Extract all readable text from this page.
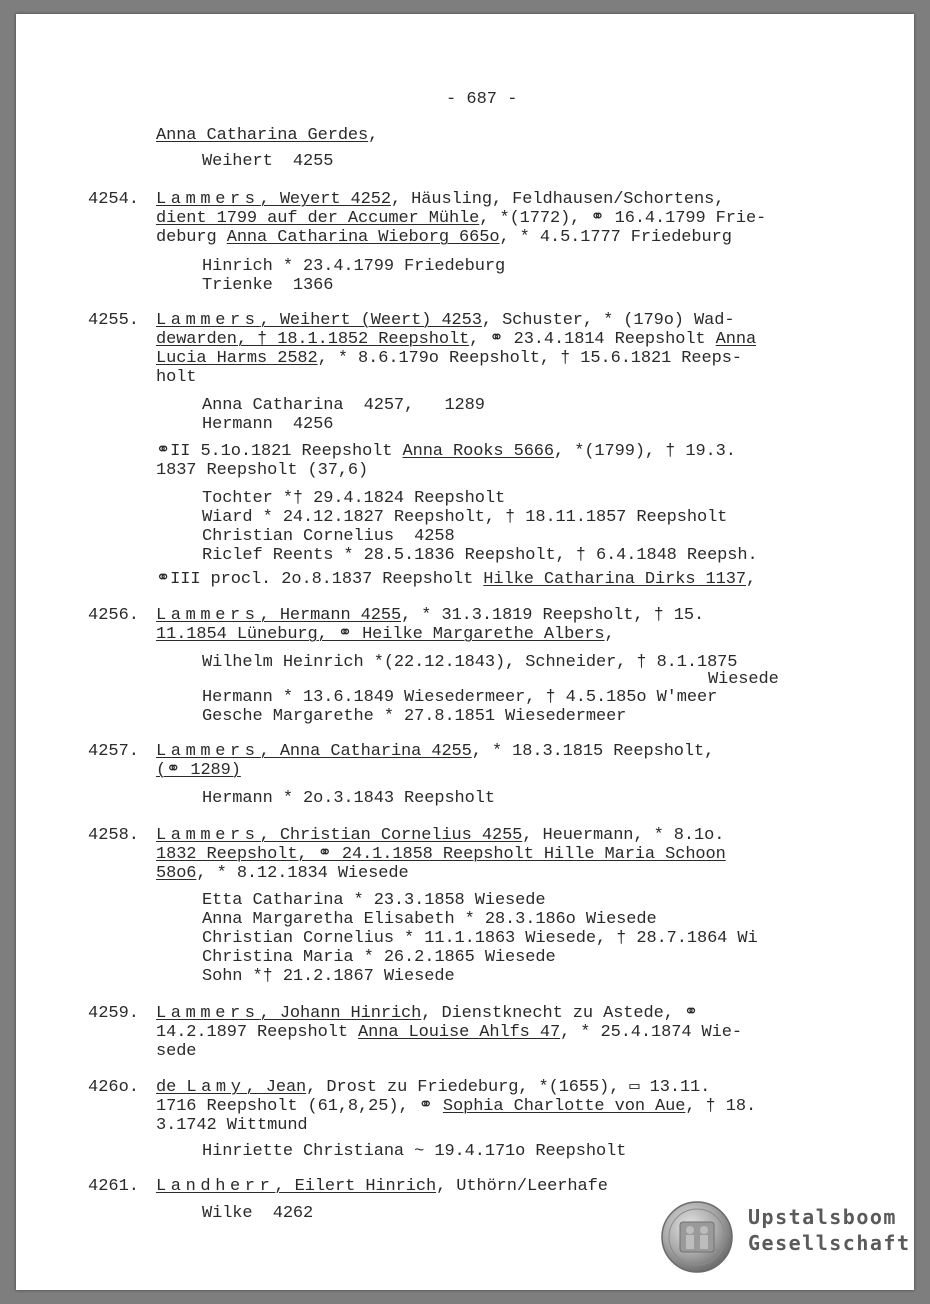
- 687 -
Anna Catharina Gerdes,
Weihert  4255
4254. Lammers, Weyert 4252, Häusling, Feldhausen/Schortens,
dient 1799 auf der Accumer Mühle, *(1772), ⚭ 16.4.1799 Frie-
deburg Anna Catharina Wieborg 665o, * 4.5.1777 Friedeburg
Hinrich * 23.4.1799 Friedeburg
Trienke  1366
4255. Lammers, Weihert (Weert) 4253, Schuster, * (179o) Wad-
dewarden, † 18.1.1852 Reepsholt, ⚭ 23.4.1814 Reepsholt Anna
Lucia Harms 2582, * 8.6.179o Reepsholt, † 15.6.1821 Reeps-
holt
Anna Catharina  4257,   1289
Hermann  4256
⚭II 5.1o.1821 Reepsholt Anna Rooks 5666, *(1799), † 19.3.
1837 Reepsholt (37,6)
Tochter *† 29.4.1824 Reepsholt
Wiard * 24.12.1827 Reepsholt, † 18.11.1857 Reepsholt
Christian Cornelius  4258
Riclef Reents * 28.5.1836 Reepsholt, † 6.4.1848 Reepsh.
⚭III procl. 2o.8.1837 Reepsholt Hilke Catharina Dirks 1137,
4256. Lammers, Hermann 4255, * 31.3.1819 Reepsholt, † 15.
11.1854 Lüneburg, ⚭ Heilke Margarethe Albers,
Wilhelm Heinrich *(22.12.1843), Schneider, † 8.1.1875
Wiesede
Hermann * 13.6.1849 Wiesedermeer, † 4.5.185o W'meer
Gesche Margarethe * 27.8.1851 Wiesedermeer
4257. Lammers, Anna Catharina 4255, * 18.3.1815 Reepsholt,
(⚭ 1289)
Hermann * 2o.3.1843 Reepsholt
4258. Lammers, Christian Cornelius 4255, Heuermann, * 8.1o.
1832 Reepsholt, ⚭ 24.1.1858 Reepsholt Hille Maria Schoon
58o6, * 8.12.1834 Wiesede
Etta Catharina * 23.3.1858 Wiesede
Anna Margaretha Elisabeth * 28.3.186o Wiesede
Christian Cornelius * 11.1.1863 Wiesede, † 28.7.1864 Wi
Christina Maria * 26.2.1865 Wiesede
Sohn *† 21.2.1867 Wiesede
4259. Lammers, Johann Hinrich, Dienstknecht zu Astede, ⚭
14.2.1897 Reepsholt Anna Louise Ahlfs 47, * 25.4.1874 Wie-
sede
426o. de Lamy, Jean, Drost zu Friedeburg, *(1655), ▭ 13.11.
1716 Reepsholt (61,8,25), ⚭ Sophia Charlotte von Aue, † 18.
3.1742 Wittmund
Hinriette Christiana ~ 19.4.171o Reepsholt
4261. Landherr, Eilert Hinrich, Uthörn/Leerhafe
Wilke  4262	Upstalsboom
Gesellschaft
